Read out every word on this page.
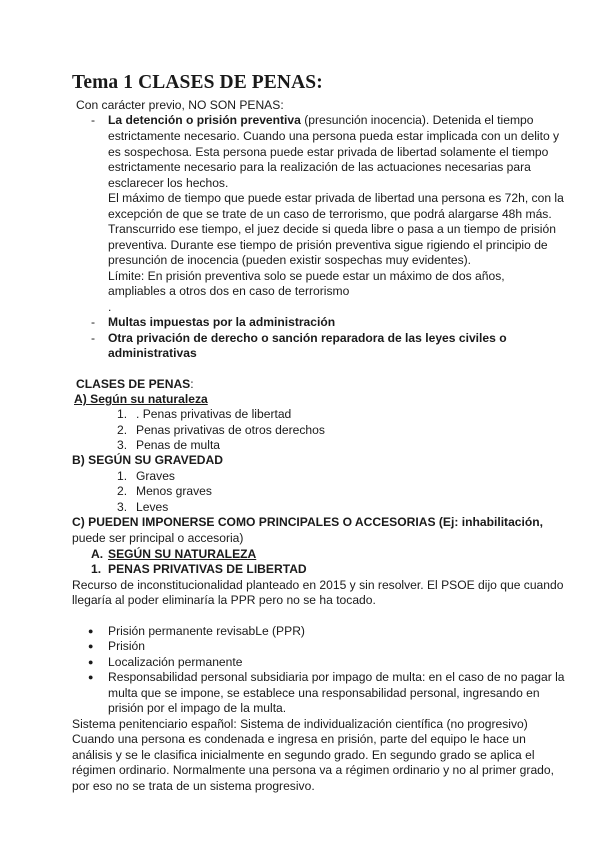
Tema 1 CLASES DE PENAS:
Con carácter previo, NO SON PENAS:
- La detención o prisión preventiva (presunción inocencia). Detenida el tiempo
estrictamente necesario. Cuando una persona pueda estar implicada con un delito y
es sospechosa. Esta persona puede estar privada de libertad solamente el tiempo
estrictamente necesario para la realización de las actuaciones necesarias para
esclarecer los hechos.
El máximo de tiempo que puede estar privada de libertad una persona es 72h, con la
excepción de que se trate de un caso de terrorismo, que podrá alargarse 48h más.
Transcurrido ese tiempo, el juez decide si queda libre o pasa a un tiempo de prisión
preventiva. Durante ese tiempo de prisión preventiva sigue rigiendo el principio de
presunción de inocencia (pueden existir sospechas muy evidentes).
Límite: En prisión preventiva solo se puede estar un máximo de dos años,
ampliables a otros dos en caso de terrorismo
.
- Multas impuestas por la administración
- Otra privación de derecho o sanción reparadora de las leyes civiles o
administrativas
CLASES DE PENAS:
A) Según su naturaleza
1. . Penas privativas de libertad
2. Penas privativas de otros derechos
3. Penas de multa
B) SEGÚN SU GRAVEDAD
1. Graves
2. Menos graves
3. Leves
C) PUEDEN IMPONERSE COMO PRINCIPALES O ACCESORIAS (Ej: inhabilitación,
puede ser principal o accesoria)
A. SEGÚN SU NATURALEZA
1. PENAS PRIVATIVAS DE LIBERTAD
Recurso de inconstitucionalidad planteado en 2015 y sin resolver. El PSOE dijo que cuando
llegaría al poder eliminaría la PPR pero no se ha tocado.
● Prisión permanente revisabLe (PPR)
● Prisión
● Localización permanente
● Responsabilidad personal subsidiaria por impago de multa: en el caso de no pagar la
multa que se impone, se establece una responsabilidad personal, ingresando en
prisión por el impago de la multa.
Sistema penitenciario español: Sistema de individualización científica (no progresivo)
Cuando una persona es condenada e ingresa en prisión, parte del equipo le hace un
análisis y se le clasifica inicialmente en segundo grado. En segundo grado se aplica el
régimen ordinario. Normalmente una persona va a régimen ordinario y no al primer grado,
por eso no se trata de un sistema progresivo.
